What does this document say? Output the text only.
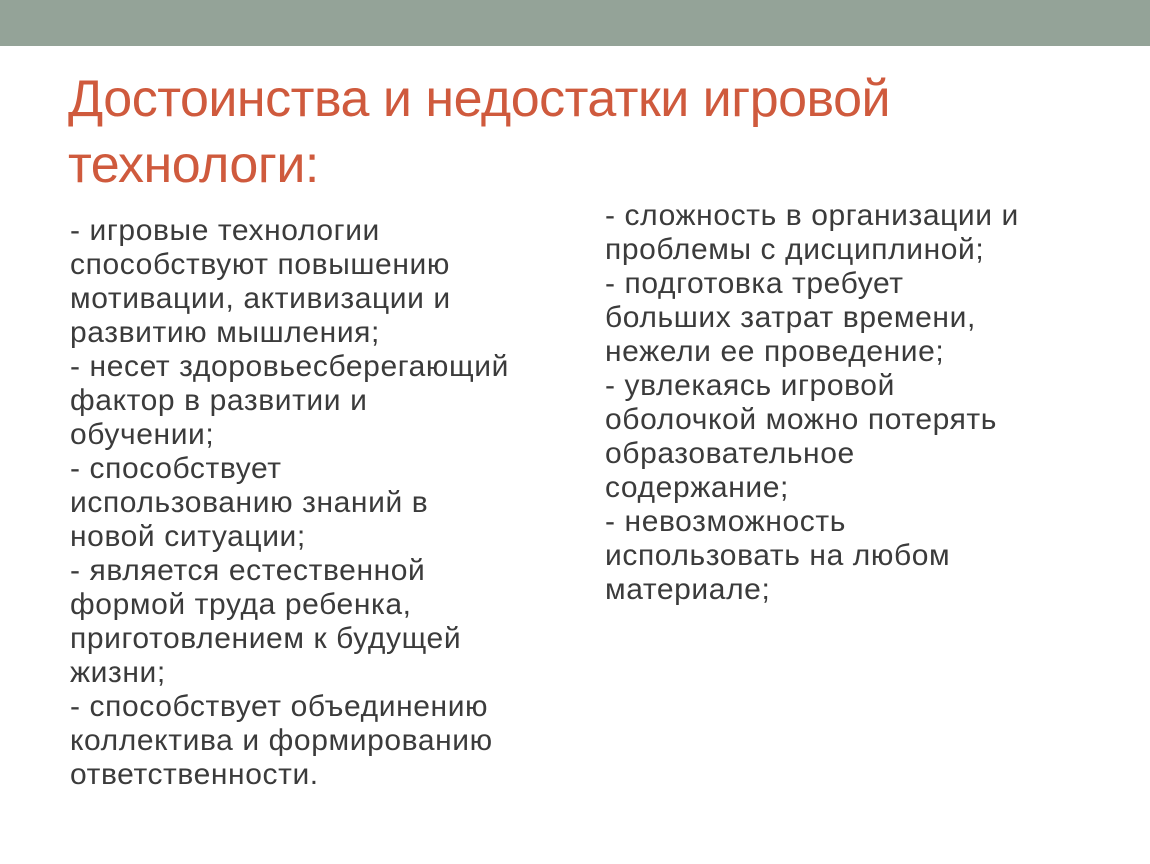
Достоинства и недостатки игровой
технологи:
- игровые технологии
способствуют повышению
мотивации, активизации и
развитию мышления;
- несет здоровьесберегающий
фактор в развитии и
обучении;
- способствует
использованию знаний в
новой ситуации;
- является естественной
формой труда ребенка,
приготовлением к будущей
жизни;
- способствует объединению
коллектива и формированию
ответственности.
- сложность в организации и
проблемы с дисциплиной;
- подготовка требует
больших затрат времени,
нежели ее проведение;
- увлекаясь игровой
оболочкой можно потерять
образовательное
содержание;
- невозможность
использовать на любом
материале;
